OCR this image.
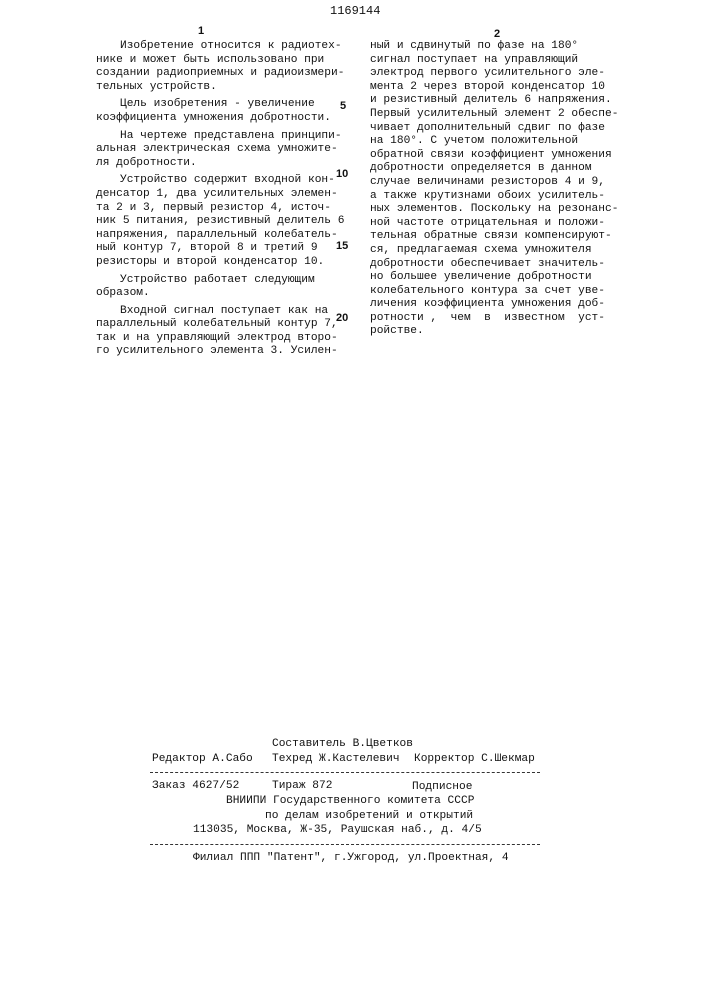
1
1169144
2
Изобретение относится к радиотех-
нике и может быть использовано при
создании радиоприемных и радиоизмери-
тельных устройств.
Цель изобретения - увеличение
коэффициента умножения добротности.
На чертеже представлена принципи-
альная электрическая схема умножите-
ля добротности.
Устройство содержит входной кон-
денсатор 1, два усилительных элемен-
та 2 и 3, первый резистор 4, источ-
ник 5 питания, резистивный делитель 6
напряжения, параллельный колебатель-
ный контур 7, второй 8 и третий 9
резисторы и второй конденсатор 10.
Устройство работает следующим
образом.
Входной сигнал поступает как на
параллельный колебательный контур 7,
так и на управляющий электрод второ-
го усилительного элемента 3. Усилен-
ный и сдвинутый по фазе на 180°
сигнал поступает на управляющий
электрод первого усилительного эле-
мента 2 через второй конденсатор 10
и резистивный делитель 6 напряжения.
Первый усилительный элемент 2 обеспе-
чивает дополнительный сдвиг по фазе
на 180°. С учетом положительной
обратной связи коэффициент умножения
добротности определяется в данном
случае величинами резисторов 4 и 9,
а также крутизнами обоих усилитель-
ных элементов. Поскольку на резонанс-
ной частоте отрицательная и положи-
тельная обратные связи компенсируют-
ся, предлагаемая схема умножителя
добротности обеспечивает значитель-
но большее увеличение добротности
колебательного контура за счет уве-
личения коэффициента умножения доб-
ротности ,  чем  в  известном  уст-
ройстве.
5
10
15
20
Составитель В.Цветков
Редактор А.Сабо Техред Ж.Кастелевич Корректор С.Шекмар
Заказ 4627/52	Тираж 872	Подписное
ВНИИПИ Государственного комитета СССР
по делам изобретений и открытий
113035, Москва, Ж-35, Раушская наб., д. 4/5
Филиал ППП "Патент", г.Ужгород, ул.Проектная, 4
